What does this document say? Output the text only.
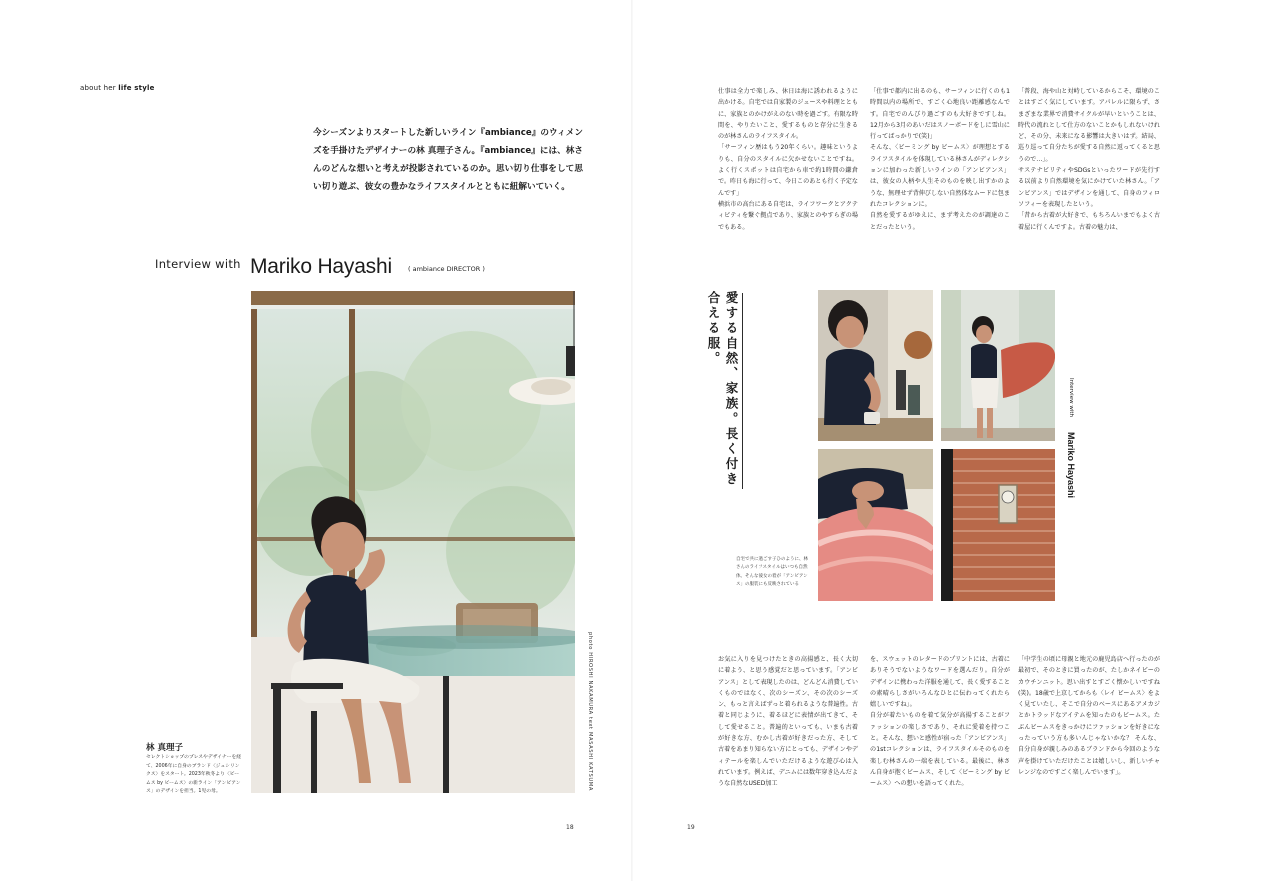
about her life style
今シーズンよりスタートした新しいライン『ambiance』のウィメンズを手掛けたデザイナーの林 真理子さん。『ambiance』には、林さんのどんな想いと考えが投影されているのか。思い切り仕事をして思い切り遊ぶ、彼女の豊かなライフスタイルとともに紐解いていく。
Interview with Mariko Hayashi ( ambiance DIRECTOR )
photo HIROSHI NAKAMURA text MASASHI KATSUMA
林 真理子
セレクトショップのプレスやデザイナーを経て、2006年に自身のブランド〈ジュシリンクス〉をスタート。2023年秋冬より〈ビームス by ビームス〉の新ライン「アンビアンス」のデザインを担当。1児の母。
18

仕事は全力で楽しみ、休日は海に誘われるように出かける。自宅では自家製のジュースや料理とともに、家族とのかけがえのない時を過ごす。有限な時間を、やりたいこと、愛するものと存分に生きるのが林さんのライフスタイル。

「サーフィン歴はもう20年くらい。趣味というよりも、自分のスタイルに欠かせないことですね。よく行くスポットは自宅から車で約1時間の鎌倉で。昨日も海に行って、今日このあとも行く予定なんです」

横浜市の高台にある自宅は、ライフワークとアクティビティを繋ぐ拠点であり、家族とのやすらぎの場でもある。

「仕事で都内に出るのも、サーフィンに行くのも1時間以内の場所で、すごく心地良い距離感なんです。自宅でのんびり過ごすのも大好きですしね。12月から3月のあいだはスノーボードをしに雪山に行ってばっかりで(笑)」

そんな、〈ビーミング by ビームス〉が理想とするライフスタイルを体現している林さんがディレクションに加わった新しいラインの「アンビアンス」は、彼女の人柄や人生そのものを映し出すかのような、無理せず背伸びしない自然体なムードに包まれたコレクションに。

自然を愛するがゆえに、まず考えたのが調達のことだったという。

「普段、海や山と対峙しているからこそ、環境のことはすごく気にしています。アパレルに限らず、さまざまな業界で消費サイクルが早いということは、時代の流れとして仕方のないことかもしれないけれど、その分、未来になる影響は大きいはず。結局、巡り巡って自分たちが愛する自然に返ってくると思うので…」。

サステナビリティやSDGsといったワードが先行する以前より自然環境を気にかけていた林さん。「アンビアンス」ではデザインを通して、自身のフィロソフィーを表現したという。

「昔から古着が大好きで、もちろんいまでもよく古着屋に行くんですよ。古着の魅力は、

愛する自然、家族。長く付き合える服。
自宅で共に過ごす子ひのように、林さんのライフスタイルはいつも自然体。そんな彼女の着が「アンビアンス」の服装にも反映されている
Interview with
Mariko Hayashi

お気に入りを見つけたときの高揚感と、長く大切に着よう、と思う感覚だと思っています。「アンビアンス」として表現したのは、どんどん消費していくものではなく、次のシーズン、その次のシーズン、もっと言えばずっと着られるような普遍性。古着と同じように、着るほどに表情が出てきて、そして愛せること。普遍的といっても、いまも古着が好きな方、むかし古着が好きだった方、そして古着をあまり知らない方にとっても、デザインやディテールを楽しんでいただけるような遊び心は入れています。例えば、デニムには数年穿き込んだような自然なUSED加工

を、スウェットのレタードのプリントには、古着にありそうでないようなワードを選んだり。自分がデザインに携わった洋服を通して、長く愛することの素晴らしさがいろんなひとに伝わってくれたら嬉しいですね」。

自分が着たいものを着て気分が高揚することがファッションの楽しさであり、それに愛着を持つこと。そんな、想いと感性が宿った「アンビアンス」の1stコレクションは、ライフスタイルそのものを楽しむ林さんの一端を表している。最後に、林さん自身が抱くビームス、そして〈ビーミング by ビームス〉への想いを語ってくれた。

「中学生の頃に母親と地元の鹿児島店へ行ったのが最初で、そのときに買ったのが、たしかネイビーのカウチンニット。思い出すとすごく懐かしいですね(笑)。18歳で上京してからも〈レイ ビームス〉をよく見ていたし、そこで自分のベースにあるアメカジとかトラッドなアイテムを知ったのもビームス。たぶんビームスをきっかけにファッションを好きになったっていう方も多いんじゃないかな？ そんな、自分自身が親しみのあるブランドから今回のような声を掛けていただけたことは嬉しいし、新しいチャレンジなのですごく楽しんでいます」。

19
